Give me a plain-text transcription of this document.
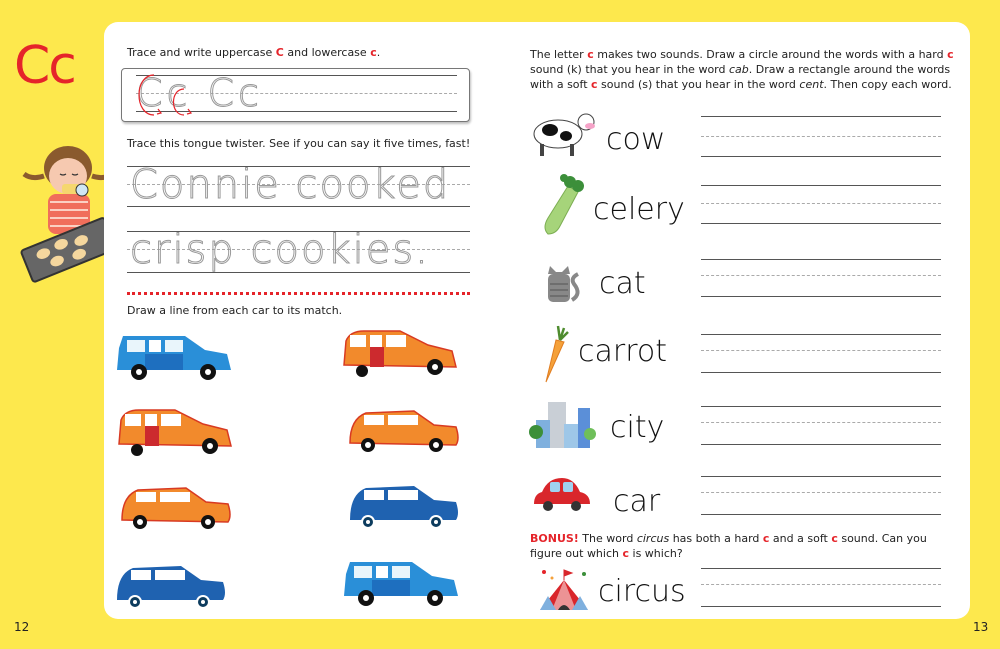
Cc	Trace and write uppercase C and lowercase c.
Cc Cc
Trace this tongue twister. See if you can say it five times, fast!
Connie cooked
crisp cookies.
Draw a line from each car to its match.
The letter c makes two sounds. Draw a circle around the words with a hard c sound (k) that you hear in the word cab. Draw a rectangle around the words with a soft c sound (s) that you hear in the word cent. Then copy each word.
cow
celery
cat
carrot
city
car
BONUS! The word circus has both a hard c and a soft c sound. Can you figure out which c is which?
circus
12	13
